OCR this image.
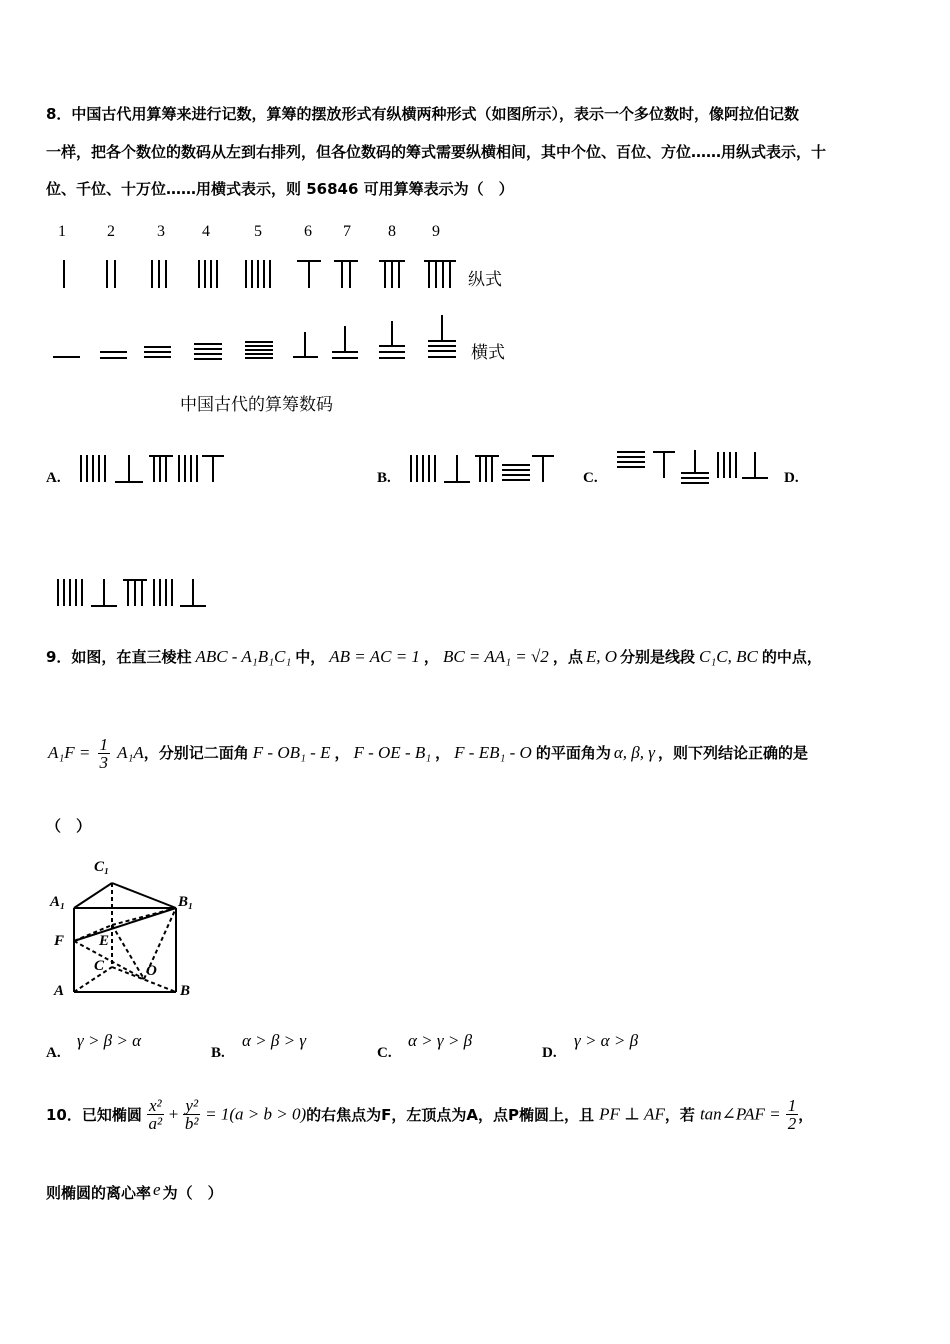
8．中国古代用算筹来进行记数，算筹的摆放形式有纵横两种形式（如图所示），表示一个多位数时，像阿拉伯记数
一样，把各个数位的数码从左到右排列，但各位数码的筹式需要纵横相间，其中个位、百位、方位……用纵式表示，十
位、千位、十万位……用横式表示，则 56846 可用算筹表示为（　）
1	2	3 4	5	6 7 8 9
纵式
横式
中国古代的算筹数码
A.	B.	C.	D.
9．如图，在直三棱柱 ABC - A₁B₁C₁ 中， AB = AC = 1 ， BC = AA₁ = √2 ，点 E, O 分别是线段 C₁C, BC 的中点，
$A_1F = \frac{1}{3} A_1A$，分别记二面角 F - OB₁ - E ， F - OE - B₁ ， F - EB₁ - O 的平面角为 α, β, γ ，则下列结论正确的是
（　）
C₁
A₁	B₁
F E
C	O
A	B
A.
γ > β > α
B.
α > β > γ
C.
α > γ > β
D.
γ > α > β
10．已知椭圆 $\frac{\text{x²}}{\text{a²}} + \frac{\text{y²}}{\text{b²}} = 1(a > b > 0)$的右焦点为F，左顶点为A，点P椭圆上，且 PF ⊥ AF，若 tan∠PAF = $\frac{1}{2}$ ，
则椭圆的离心率 e 为（　）
